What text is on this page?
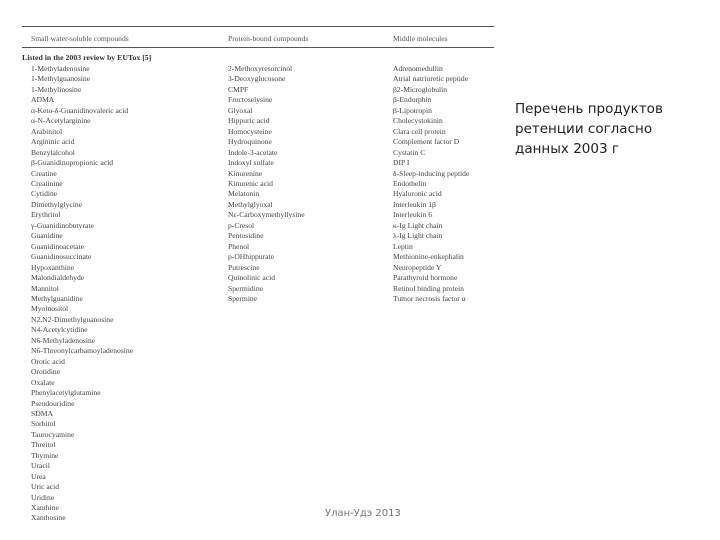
Small water-soluble compounds	Protein-bound compounds	Middle molecules
Listed in the 2003 review by EUTox [5]
1-Methyladenosine
1-Methylguanosine
1-Methylinosine
ADMA
α-Keto-δ-Guanidinovaleric acid
α-N-Acetylarginine
Arabinitol
Argininic acid
Benzylalcohol
β-Guanidinopropionic acid
Creatine
Creatinine
Cytidine
Dimethylglycine
Erythritol
γ-Guanidinobutyrate
Guanidine
Guanidinoacetate
Guanidinosuccinate
Hypoxanthine
Malondialdehyde
Mannitol
Methylguanidine
Myoinositol
N2,N2-Dimethylguanosine
N4-Acetylcytidine
N6-Methyladenosine
N6-Threonylcarbamoyladenosine
Orotic acid
Orotidine
Oxalate
Phenylacetylglutamine
Pseudouridine
SDMA
Sorbitol
Taurocyamine
Threitol
Thymine
Uracil
Urea
Uric acid
Uridine
Xanthine
Xanthosine
2-Methoxyresorcinol
3-Deoxyglucosone
CMPF
Fructoselysine
Glyoxal
Hippuric acid
Homocysteine
Hydroquinone
Indole-3-acetate
Indoxyl sulfate
Kinurenine
Kinurenic acid
Melatonin
Methylglyoxal
Nε-Carboxymethyllysine
p-Cresol
Pentosidine
Phenol
p-OHhippurate
Putrescine
Quinolinic acid
Spermidine
Spermine
Adrenomedullin
Atrial natriuretic peptide
β2-Microglobulin
β-Endorphin
β-Lipotropin
Cholecystokinin
Clara cell protein
Complement factor D
Cystatin C
DIP I
δ-Sleep-inducing peptide
Endothelin
Hyaluronic acid
Interleukin 1β
Interleukin 6
κ-Ig Light chain
λ-Ig Light chain
Leptin
Methionine-enkephalin
Neuropeptide Y
Parathyroid hormone
Retinol binding protein
Tumor necrosis factor α
Перечень продуктов ретенции согласно данных 2003 г
Улан-Удэ 2013
